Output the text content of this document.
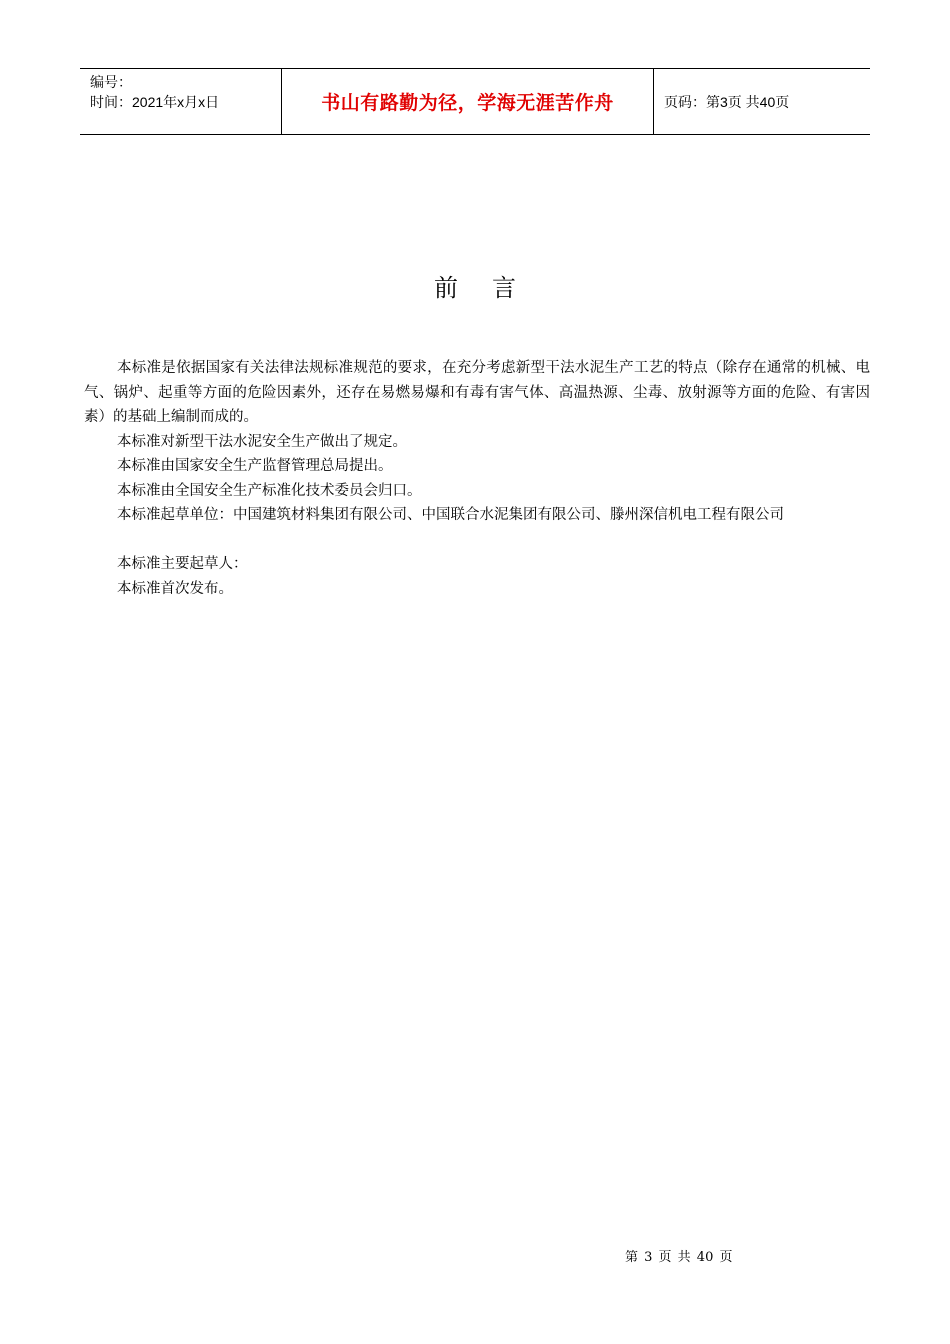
编号：
时间：2021年x月x日	书山有路勤为径，学海无涯苦作舟	页码：第3页 共40页
前言

本标准是依据国家有关法律法规标准规范的要求，在充分考虑新型干法水泥生产工艺的特点（除存在通常的机械、电气、锅炉、起重等方面的危险因素外，还存在易燃易爆和有毒有害气体、高温热源、尘毒、放射源等方面的危险、有害因素）的基础上编制而成的。

本标准对新型干法水泥安全生产做出了规定。

本标准由国家安全生产监督管理总局提出。

本标准由全国安全生产标准化技术委员会归口。

本标准起草单位：中国建筑材料集团有限公司、中国联合水泥集团有限公司、滕州深信机电工程有限公司

本标准主要起草人：

本标准首次发布。

第 3 页 共 40 页
